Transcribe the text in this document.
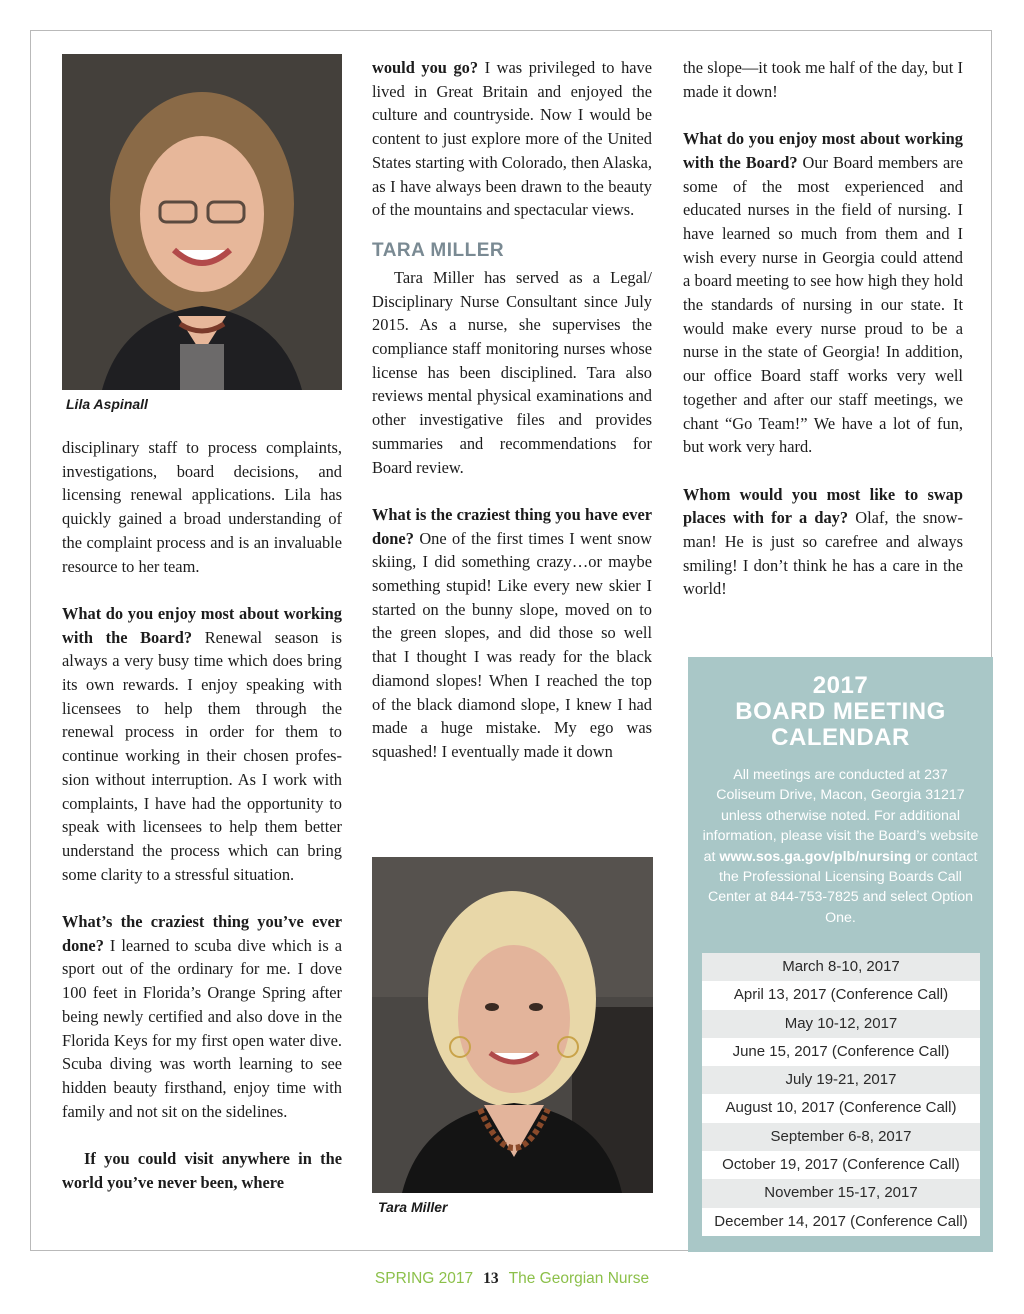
Lila Aspinall

disciplinary staff to process complaints, investigations, board decisions, and licensing renewal applications. Lila has quickly gained a broad understanding of the complaint process and is an invaluable resource to her team.

What do you enjoy most about working with the Board? Renewal season is always a very busy time which does bring its own rewards. I enjoy speaking with licensees to help them through the renewal process in order for them to continue working in their chosen profession without interruption. As I work with complaints, I have had the opportunity to speak with licensees to help them better understand the process which can bring some clarity to a stressful situation.

What’s the craziest thing you’ve ever done? I learned to scuba dive which is a sport out of the ordinary for me. I dove 100 feet in Florida’s Orange Spring after being newly certified and also dove in the Florida Keys for my first open water dive. Scuba diving was worth learning to see hidden beauty firsthand, enjoy time with family and not sit on the sidelines.

If you could visit anywhere in the world you’ve never been, where

would you go? I was privileged to have lived in Great Britain and enjoyed the culture and countryside. Now I would be content to just explore more of the United States starting with Colorado, then Alaska, as I have always been drawn to the beauty of the mountains and spectacular views.

TARA MILLER

Tara Miller has served as a Legal/ Disciplinary Nurse Consultant since July 2015. As a nurse, she supervises the compliance staff monitoring nurses whose license has been disciplined. Tara also reviews mental physical examinations and other investigative files and provides summaries and recommendations for Board review.

What is the craziest thing you have ever done? One of the first times I went snow skiing, I did something crazy…or maybe something stupid! Like every new skier I started on the bunny slope, moved on to the green slopes, and did those so well that I thought I was ready for the black diamond slopes! When I reached the top of the black diamond slope, I knew I had made a huge mistake. My ego was squashed! I eventually made it down

Tara Miller

the slope—it took me half of the day, but I made it down!

What do you enjoy most about working with the Board? Our Board members are some of the most experienced and educated nurses in the field of nursing. I have learned so much from them and I wish every nurse in Georgia could attend a board meeting to see how high they hold the standards of nursing in our state. It would make every nurse proud to be a nurse in the state of Georgia! In addition, our office Board staff works very well together and after our staff meetings, we chant “Go Team!” We have a lot of fun, but work very hard.

Whom would you most like to swap places with for a day? Olaf, the snowman! He is just so carefree and always smiling! I don’t think he has a care in the world!

2017
BOARD MEETING
CALENDAR
All meetings are conducted at 237 Coliseum Drive, Macon, Georgia 31217 unless otherwise noted. For additional information, please visit the Board’s website at www.sos.ga.gov/plb/nursing or contact the Professional Licensing Boards Call Center at 844-753-7825 and select Option One.
March 8-10, 2017
April 13, 2017 (Conference Call)
May 10-12, 2017
June 15, 2017 (Conference Call)
July 19-21, 2017
August 10, 2017 (Conference Call)
September 6-8, 2017
October 19, 2017 (Conference Call)
November 15-17, 2017
December 14, 2017 (Conference Call)
SPRING 2017 13 The Georgian Nurse
